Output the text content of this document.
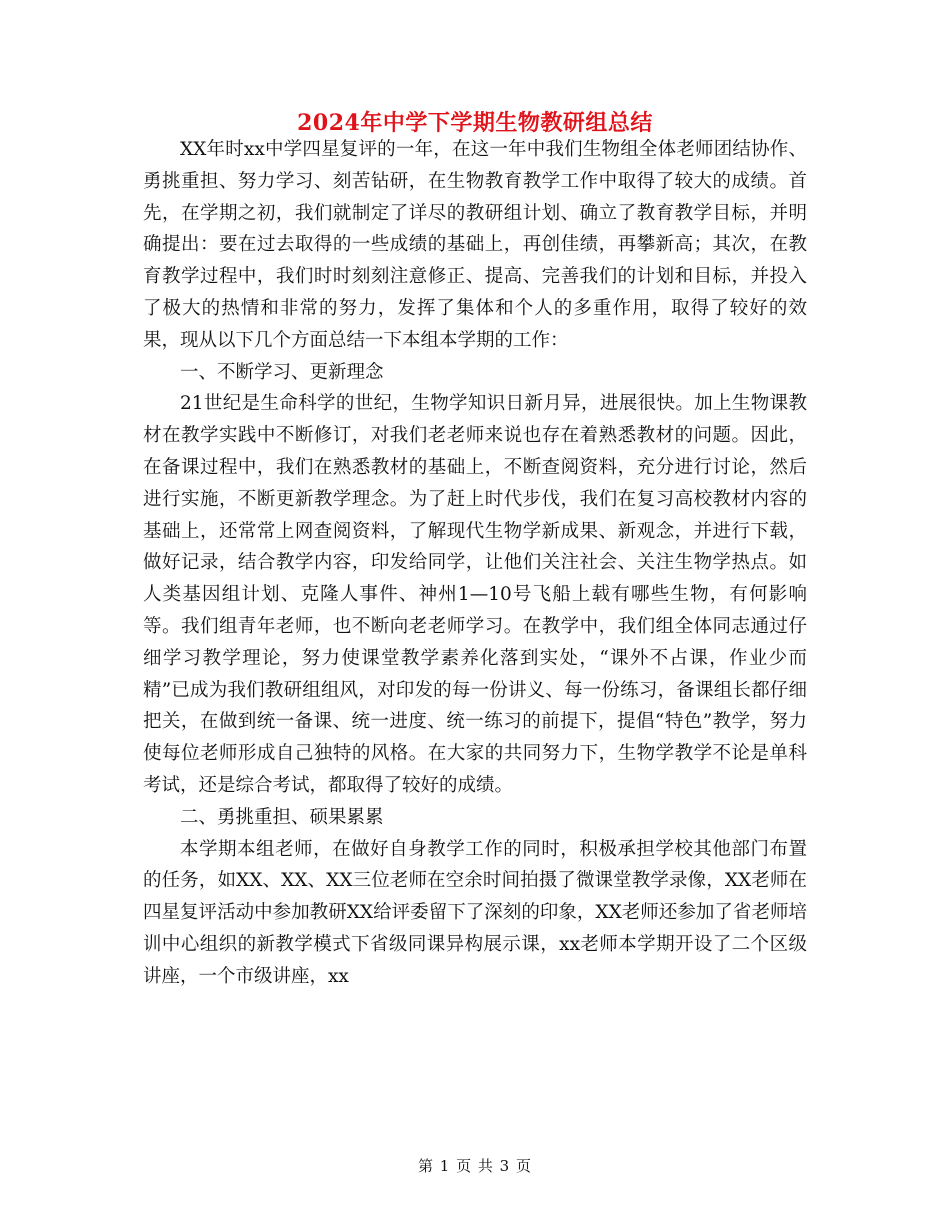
2024年中学下学期生物教研组总结

XX年时xx中学四星复评的一年，在这一年中我们生物组全体老师团结协作、勇挑重担、努力学习、刻苦钻研，在生物教育教学工作中取得了较大的成绩。首先，在学期之初，我们就制定了详尽的教研组计划、确立了教育教学目标，并明确提出：要在过去取得的一些成绩的基础上，再创佳绩，再攀新高；其次，在教育教学过程中，我们时时刻刻注意修正、提高、完善我们的计划和目标，并投入了极大的热情和非常的努力，发挥了集体和个人的多重作用，取得了较好的效果，现从以下几个方面总结一下本组本学期的工作：

一、不断学习、更新理念

21世纪是生命科学的世纪，生物学知识日新月异，进展很快。加上生物课教材在教学实践中不断修订，对我们老老师来说也存在着熟悉教材的问题。因此，在备课过程中，我们在熟悉教材的基础上，不断查阅资料，充分进行讨论，然后进行实施，不断更新教学理念。为了赶上时代步伐，我们在复习高校教材内容的基础上，还常常上网查阅资料，了解现代生物学新成果、新观念，并进行下载，做好记录，结合教学内容，印发给同学，让他们关注社会、关注生物学热点。如人类基因组计划、克隆人事件、神州1—10号飞船上载有哪些生物，有何影响等。我们组青年老师，也不断向老老师学习。在教学中，我们组全体同志通过仔细学习教学理论，努力使课堂教学素养化落到实处，“课外不占课，作业少而精”已成为我们教研组组风，对印发的每一份讲义、每一份练习，备课组长都仔细把关，在做到统一备课、统一进度、统一练习的前提下，提倡“特色”教学，努力使每位老师形成自己独特的风格。在大家的共同努力下，生物学教学不论是单科考试，还是综合考试，都取得了较好的成绩。

二、勇挑重担、硕果累累

本学期本组老师，在做好自身教学工作的同时，积极承担学校其他部门布置的任务，如XX、XX、XX三位老师在空余时间拍摄了微课堂教学录像，XX老师在四星复评活动中参加教研XX给评委留下了深刻的印象，XX老师还参加了省老师培训中心组织的新教学模式下省级同课异构展示课，xx老师本学期开设了二个区级讲座，一个市级讲座，xx

第 1 页 共 3 页
